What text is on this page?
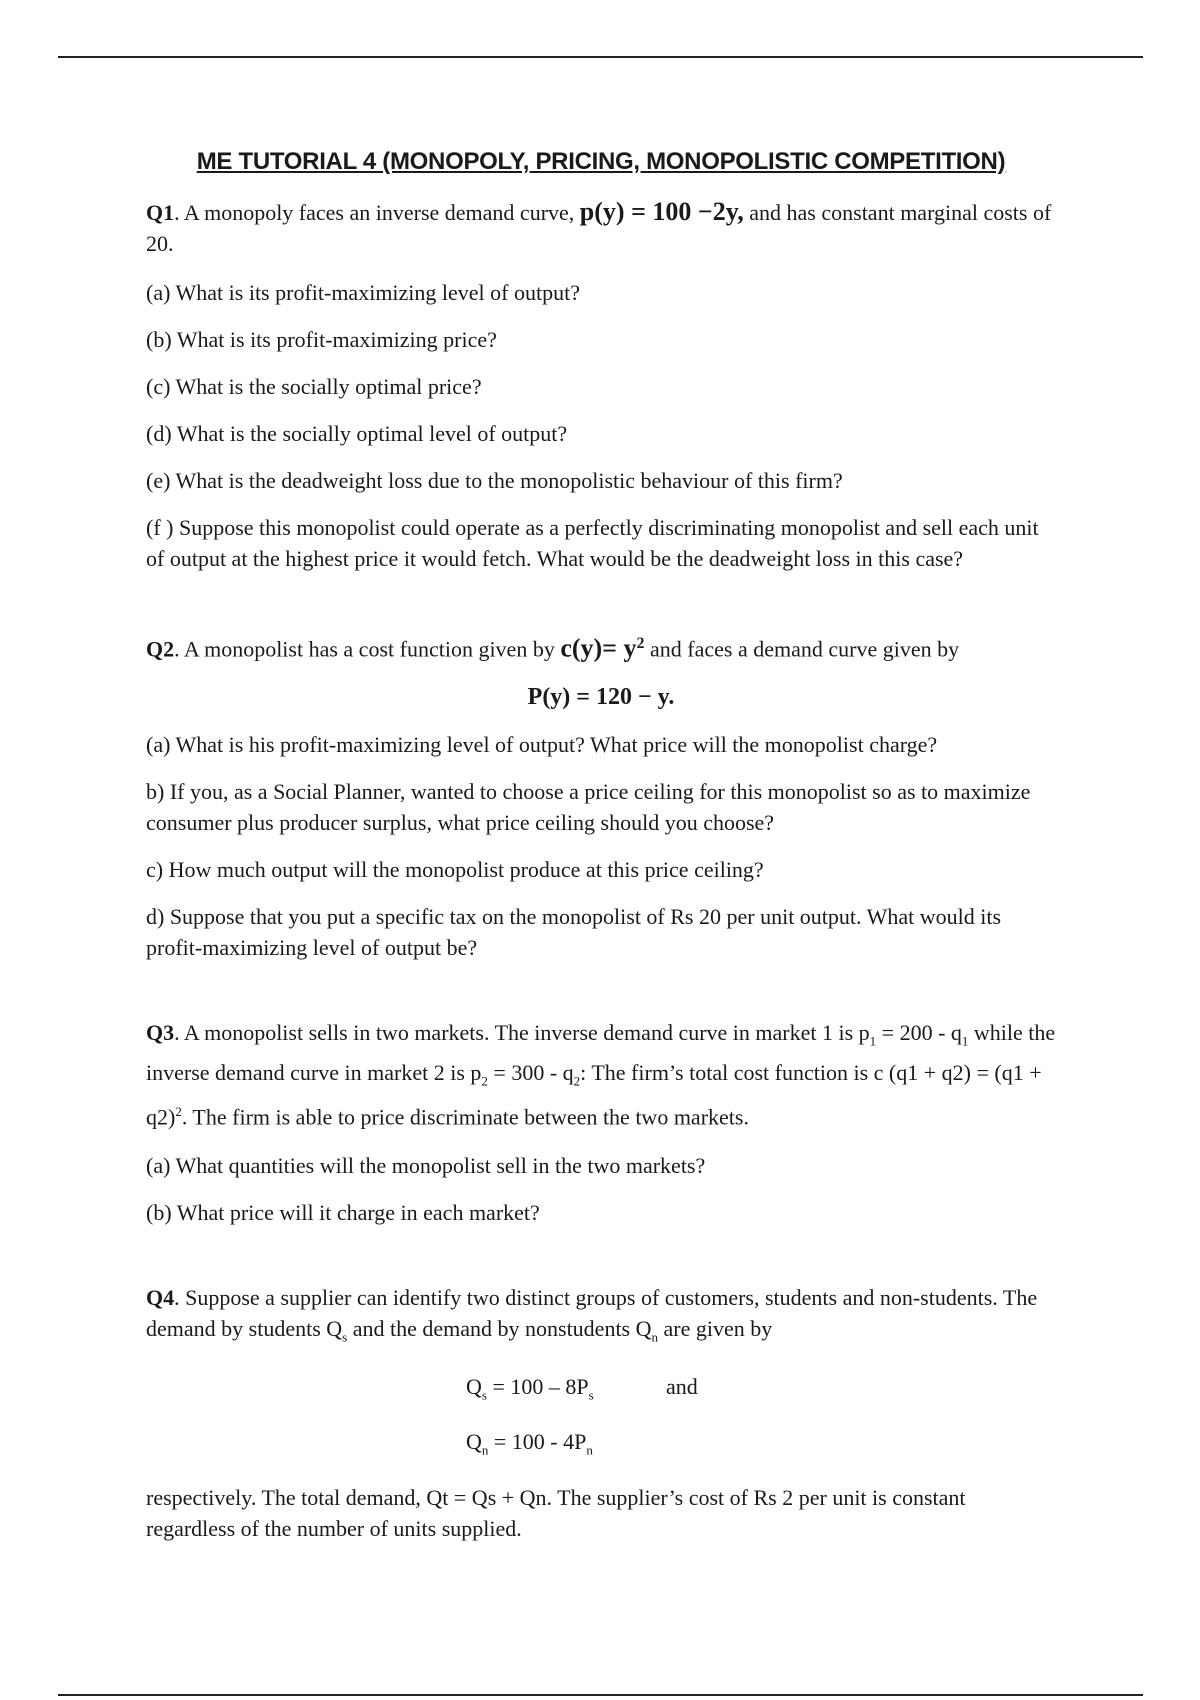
ME TUTORIAL 4 (MONOPOLY, PRICING, MONOPOLISTIC COMPETITION)

Q1. A monopoly faces an inverse demand curve, p(y) = 100 −2y, and has constant marginal costs of 20.

(a) What is its profit-maximizing level of output?

(b) What is its profit-maximizing price?

(c) What is the socially optimal price?

(d) What is the socially optimal level of output?

(e) What is the deadweight loss due to the monopolistic behaviour of this firm?

(f ) Suppose this monopolist could operate as a perfectly discriminating monopolist and sell each unit of output at the highest price it would fetch. What would be the deadweight loss in this case?

Q2. A monopolist has a cost function given by $c(y)= y^2$ and faces a demand curve given by

P(y) = 120 − y.

(a) What is his profit-maximizing level of output? What price will the monopolist charge?

b) If you, as a Social Planner, wanted to choose a price ceiling for this monopolist so as to maximize consumer plus producer surplus, what price ceiling should you choose?

c) How much output will the monopolist produce at this price ceiling?

d) Suppose that you put a specific tax on the monopolist of Rs 20 per unit output. What would its profit-maximizing level of output be?

Q3. A monopolist sells in two markets. The inverse demand curve in market 1 is $p_1 = 200 - q_1$ while the inverse demand curve in market 2 is $p_2 = 300 - q_2$: The firm’s total cost function is c $(q1 + q2) = (q1 + q2)^2$. The firm is able to price discriminate between the two markets.

(a) What quantities will the monopolist sell in the two markets?

(b) What price will it charge in each market?

Q4. Suppose a supplier can identify two distinct groups of customers, students and non-students. The demand by students $Q_s$ and the demand by nonstudents $Q_n$ are given by

$Q_s = 100 - 8P_s$	and
$Q_n = 100 - 4P_n$

respectively. The total demand, Qt = Qs + Qn. The supplier’s cost of Rs 2 per unit is constant regardless of the number of units supplied.
